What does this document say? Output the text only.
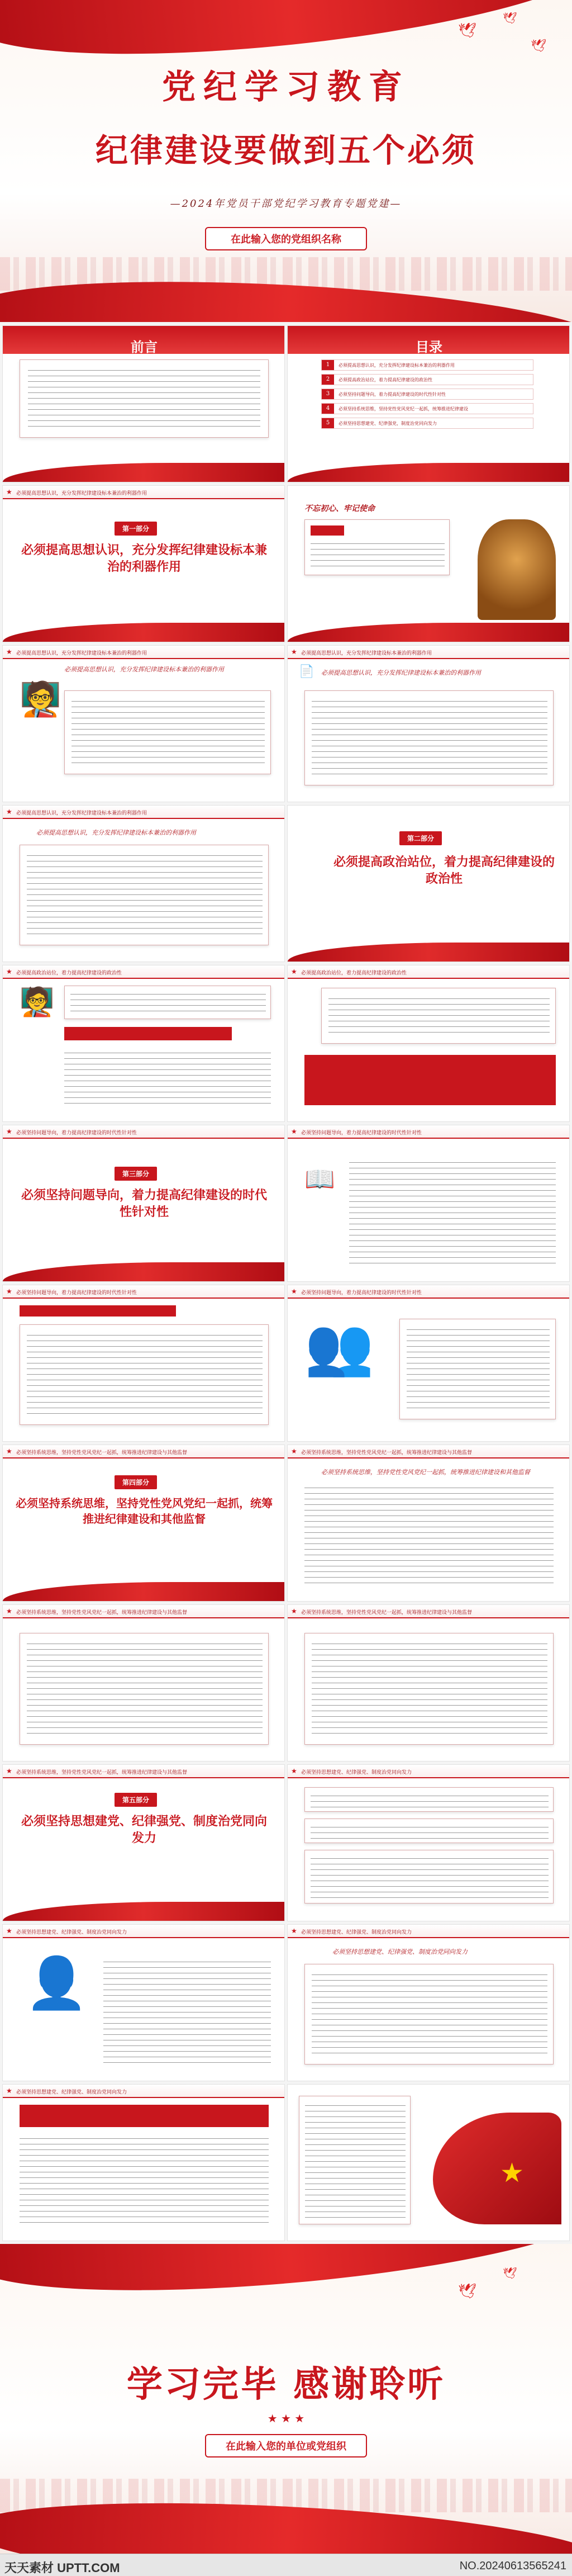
🕊
🕊
🕊
党纪学习教育
纪律建设要做到五个必须
—2024年党员干部党纪学习教育专题党建—
在此输入您的党组织名称
前言	目录
1	必须提高思想认识，充分发挥纪律建设标本兼治的利器作用
2	必须提高政治站位，着力提高纪律建设的政治性
3	必须坚持问题导向，着力提高纪律建设的时代性针对性
4	必须坚持系统思维，坚持党性党风党纪一起抓，统筹推进纪律建设
5	必须坚持思想建党、纪律强党，制度治党同向发力
★ 必须提高思想认识，充分发挥纪律建设标本兼治的利器作用
第一部分
必须提高思想认识，充分发挥纪律建设标本兼治的利器作用
不忘初心、牢记使命
★ 必须提高思想认识，充分发挥纪律建设标本兼治的利器作用
必须提高思想认识，充分发挥纪律建设标本兼治的利器作用
🧑‍🏫
★ 必须提高思想认识，充分发挥纪律建设标本兼治的利器作用
必须提高思想认识，充分发挥纪律建设标本兼治的利器作用
📄
★ 必须提高思想认识，充分发挥纪律建设标本兼治的利器作用
必须提高思想认识，充分发挥纪律建设标本兼治的利器作用
第二部分
必须提高政治站位，着力提高纪律建设的政治性
★ 必须提高政治站位，着力提高纪律建设的政治性
🧑‍🏫
★ 必须提高政治站位，着力提高纪律建设的政治性
★ 必须坚持问题导向，着力提高纪律建设的时代性针对性
第三部分
必须坚持问题导向，着力提高纪律建设的时代性针对性
★ 必须坚持问题导向，着力提高纪律建设的时代性针对性
📖
★ 必须坚持问题导向，着力提高纪律建设的时代性针对性	★ 必须坚持问题导向，着力提高纪律建设的时代性针对性
👥
★ 必须坚持系统思维，坚持党性党风党纪一起抓，统筹推进纪律建设与其他监督
第四部分
必须坚持系统思维，坚持党性党风党纪一起抓，统筹推进纪律建设和其他监督
★ 必须坚持系统思维，坚持党性党风党纪一起抓，统筹推进纪律建设与其他监督
必须坚持系统思维，坚持党性党风党纪一起抓，统筹推进纪律建设和其他监督
★ 必须坚持系统思维，坚持党性党风党纪一起抓，统筹推进纪律建设与其他监督	★ 必须坚持系统思维，坚持党性党风党纪一起抓，统筹推进纪律建设与其他监督
★ 必须坚持系统思维，坚持党性党风党纪一起抓，统筹推进纪律建设与其他监督
第五部分
必须坚持思想建党、纪律强党、制度治党同向发力
★ 必须坚持思想建党、纪律强党、制度治党同向发力
★ 必须坚持思想建党、纪律强党、制度治党同向发力
👤
★ 必须坚持思想建党、纪律强党、制度治党同向发力
必须坚持思想建党、纪律强党、制度治党同向发力
★ 必须坚持思想建党、纪律强党、制度治党同向发力
★
🕊
🕊
学习完毕 感谢聆听
★ ★ ★
在此输入您的单位或党组织
天天素材 UPTT.COM	NO.20240613565241
